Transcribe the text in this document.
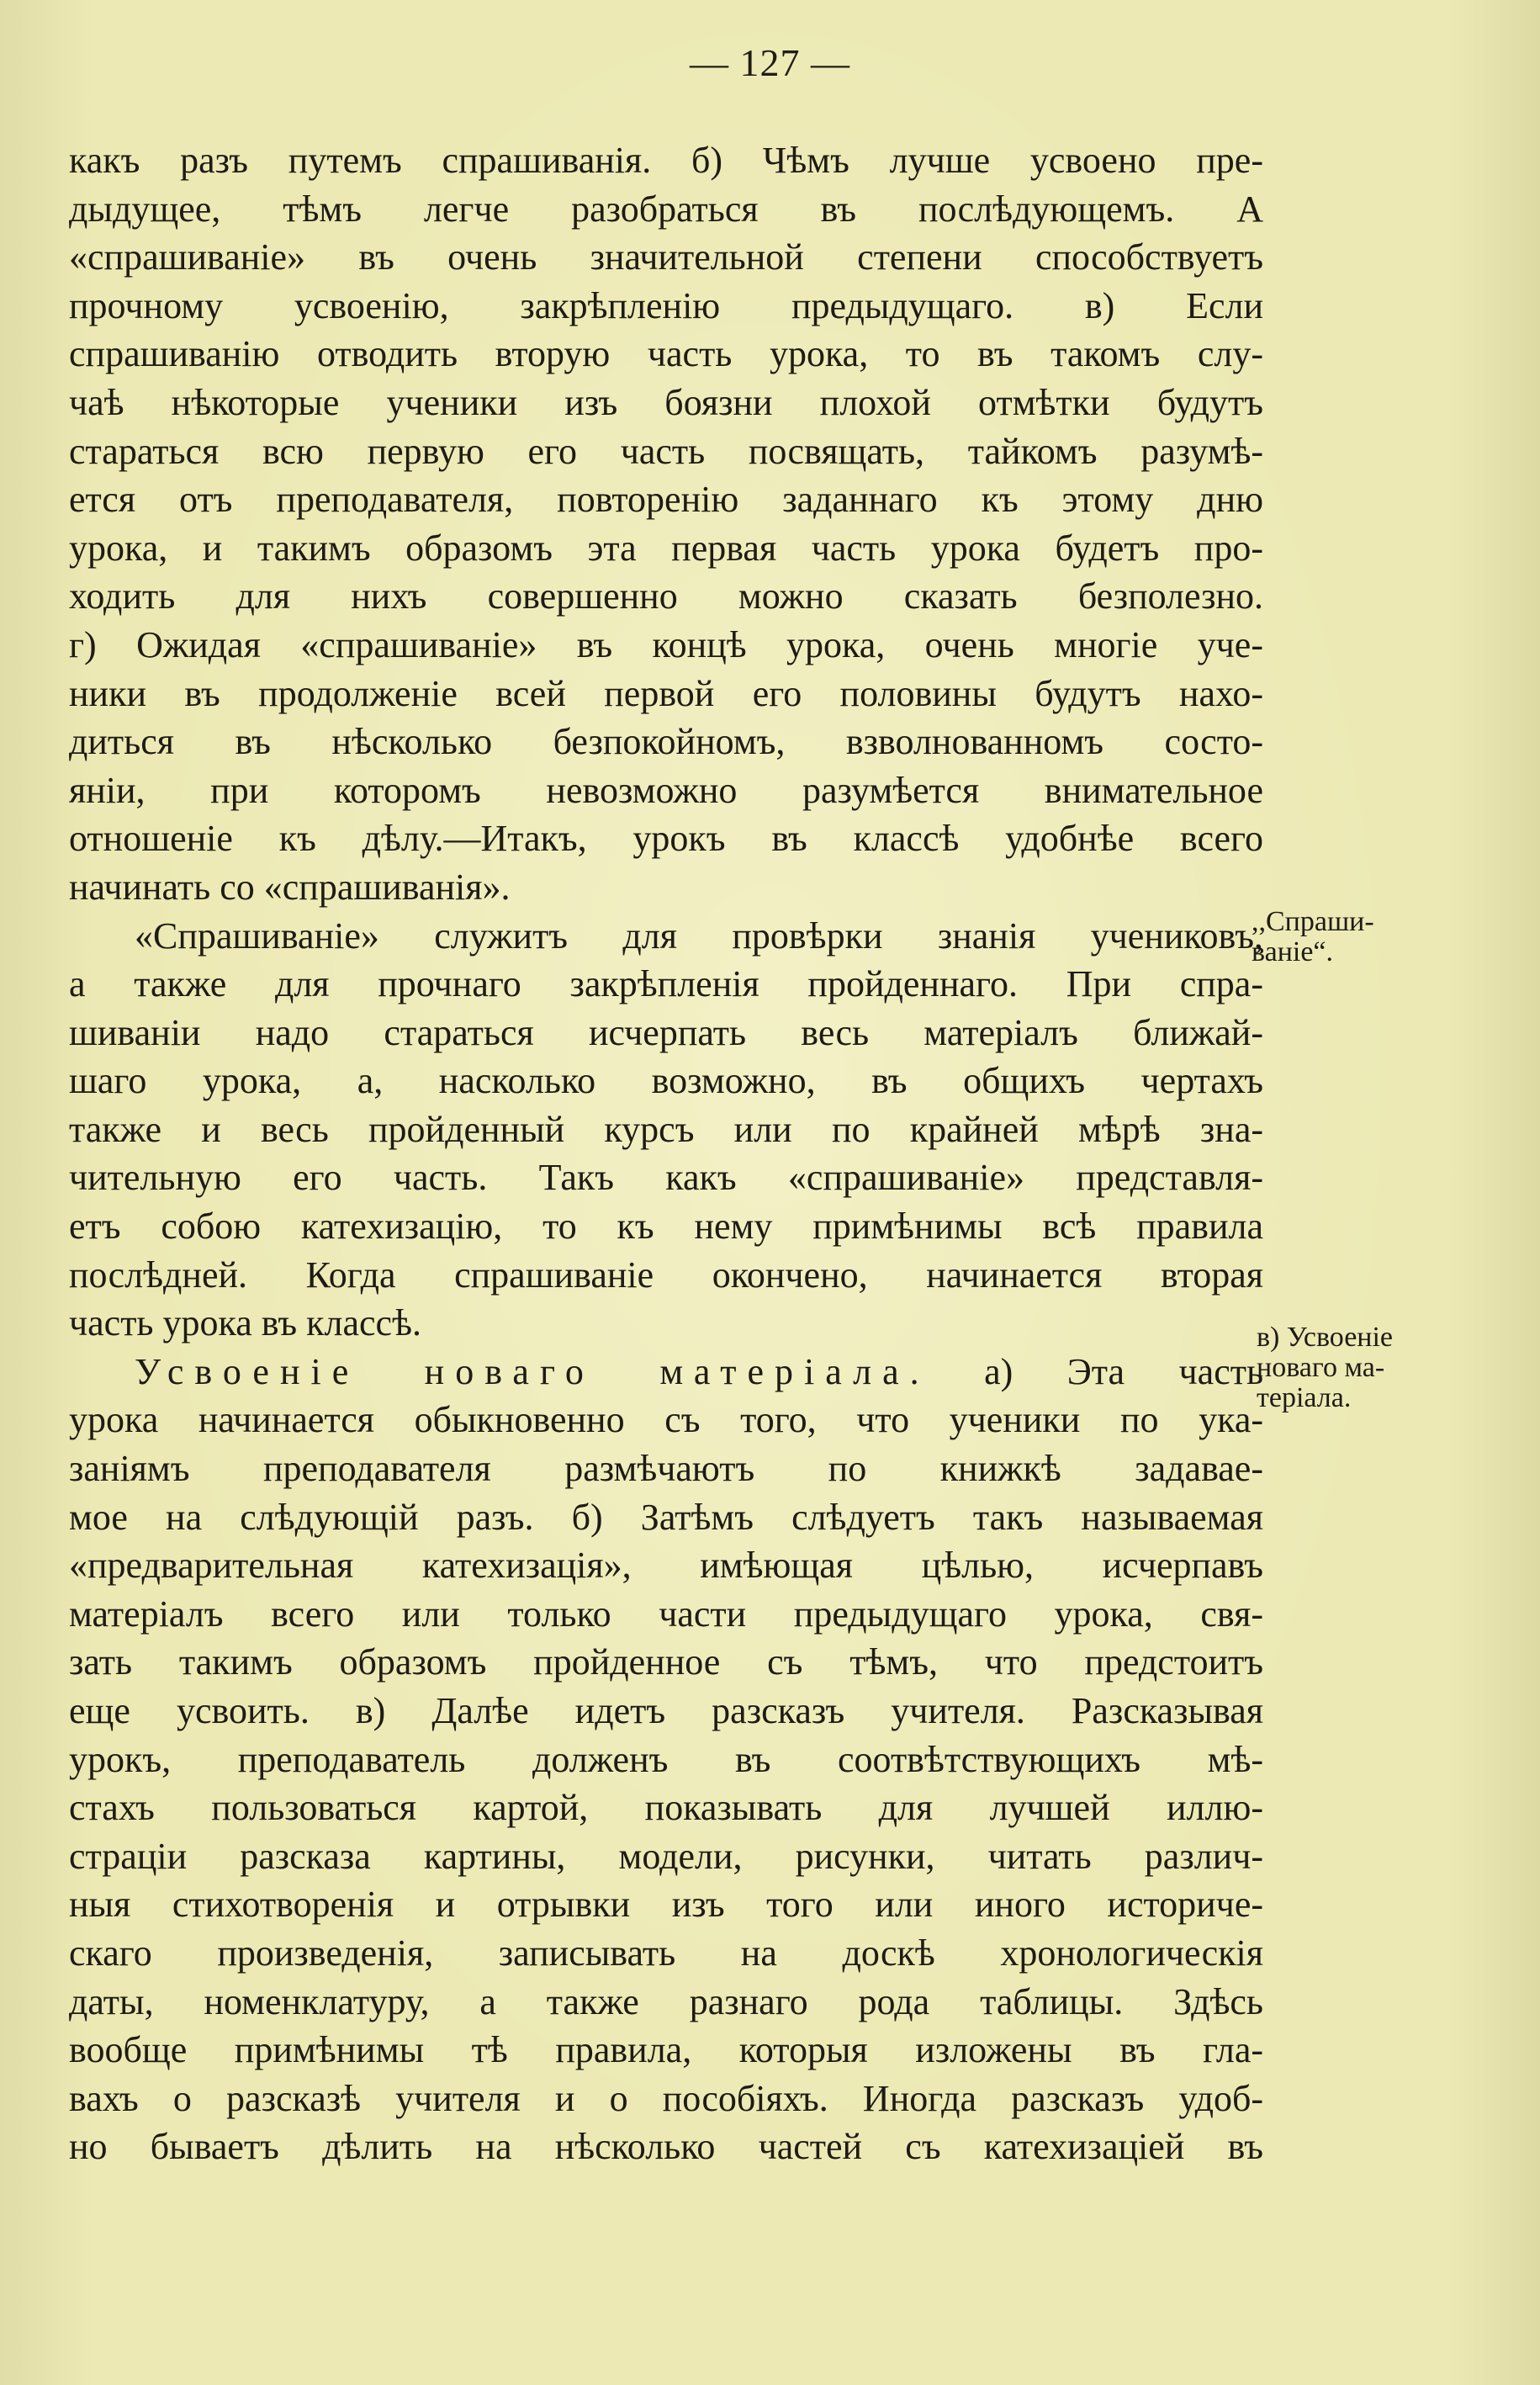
— 127 —
какъ разъ путемъ спрашиванія. б) Чѣмъ лучше усвоено пре-
дыдущее, тѣмъ легче разобраться въ послѣдующемъ. А
«спрашиваніе» въ очень значительной степени способствуетъ
прочному усвоенію, закрѣпленію предыдущаго. в) Если
спрашиванію отводить вторую часть урока, то въ такомъ слу-
чаѣ нѣкоторые ученики изъ боязни плохой отмѣтки будутъ
стараться всю первую его часть посвящать, тайкомъ разумѣ-
ется отъ преподавателя, повторенію заданнаго къ этому дню
урока, и такимъ образомъ эта первая часть урока будетъ про-
ходить для нихъ совершенно можно сказать безполезно.
г) Ожидая «спрашиваніе» въ концѣ урока, очень многіе уче-
ники въ продолженіе всей первой его половины будутъ нахо-
диться въ нѣсколько безпокойномъ, взволнованномъ состо-
яніи, при которомъ невозможно разумѣется внимательное
отношеніе къ дѣлу.—Итакъ, урокъ въ классѣ удобнѣе всего
начинать со «спрашиванія».
«Спрашиваніе» служитъ для провѣрки знанія учениковъ,
а также для прочнаго закрѣпленія пройденнаго. При спра-
шиваніи надо стараться исчерпать весь матеріалъ ближай-
шаго урока, а, насколько возможно, въ общихъ чертахъ
также и весь пройденный курсъ или по крайней мѣрѣ зна-
чительную его часть. Такъ какъ «спрашиваніе» представля-
етъ собою катехизацію, то къ нему примѣнимы всѣ правила
послѣдней. Когда спрашиваніе окончено, начинается вторая
часть урока въ классѣ.
Усвоеніе новаго матеріала. а) Эта часть
урока начинается обыкновенно съ того, что ученики по ука-
заніямъ преподавателя размѣчаютъ по книжкѣ задавае-
мое на слѣдующій разъ. б) Затѣмъ слѣдуетъ такъ называемая
«предварительная катехизація», имѣющая цѣлью, исчерпавъ
матеріалъ всего или только части предыдущаго урока, свя-
зать такимъ образомъ пройденное съ тѣмъ, что предстоитъ
еще усвоить. в) Далѣе идетъ разсказъ учителя. Разсказывая
урокъ, преподаватель долженъ въ соотвѣтствующихъ мѣ-
стахъ пользоваться картой, показывать для лучшей иллю-
страціи разсказа картины, модели, рисунки, читать различ-
ныя стихотворенія и отрывки изъ того или иного историче-
скаго произведенія, записывать на доскѣ хронологическія
даты, номенклатуру, а также разнаго рода таблицы. Здѣсь
вообще примѣнимы тѣ правила, которыя изложены въ гла-
вахъ о разсказѣ учителя и о пособіяхъ. Иногда разсказъ удоб-
но бываетъ дѣлить на нѣсколько частей съ катехизаціей въ
,,Спраши-
ваніе“.
в) Усвоеніе
новаго ма-
теріала.
